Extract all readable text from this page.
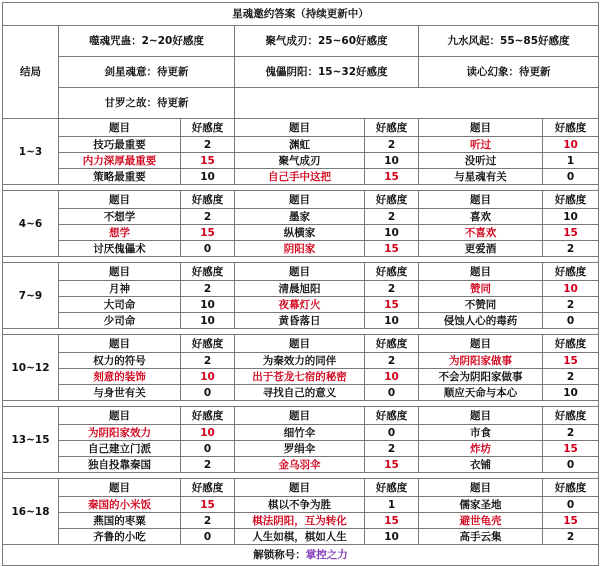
星魂邀约答案（持续更新中）						
结局	噬魂咒蛊：2~20好感度		聚气成刃：25~60好感度		九水风起：55~85好感度	
	剑星魂意：待更新		傀儡阴阳：15~32好感度		读心幻象：待更新	
	甘罗之故：待更新					
1~3	题目	好感度	题目	好感度	题目	好感度
	技巧最重要	2	渊虹	2	听过	10
	内力深厚最重要	15	聚气成刃	10	没听过	1
	策略最重要	10	自己手中这把	15	与星魂有关	0

4~6	题目	好感度	题目	好感度	题目	好感度
	不想学	2	墨家	2	喜欢	10
	想学	15	纵横家	10	不喜欢	15
	讨厌傀儡术	0	阴阳家	15	更爱酒	2

7~9	题目	好感度	题目	好感度	题目	好感度
	月神	2	清晨旭阳	2	赞同	10
	大司命	10	夜幕灯火	15	不赞同	2
	少司命	10	黄昏落日	10	侵蚀人心的毒药	0

10~12	题目	好感度	题目	好感度	题目	好感度
	权力的符号	2	为秦效力的同伴	2	为阴阳家做事	15
	刻意的装饰	10	出于苍龙七宿的秘密	10	不会为阴阳家做事	2
	与身世有关	0	寻找自己的意义	0	顺应天命与本心	10

13~15	题目	好感度	题目	好感度	题目	好感度
	为阴阳家效力	10	细竹伞	0	市食	2
	自己建立门派	0	罗绢伞	2	炸坊	15
	独自投靠秦国	2	金乌羽伞	15	衣铺	0

16~18	题目	好感度	题目	好感度	题目	好感度
	秦国的小米饭	15	棋以不争为胜	1	儒家圣地	0
	燕国的枣粟	2	棋法阴阳，互为转化	15	避世龟壳	15
	齐鲁的小吃	0	人生如棋，棋如人生	10	高手云集	2
解锁称号：掌控之力						
